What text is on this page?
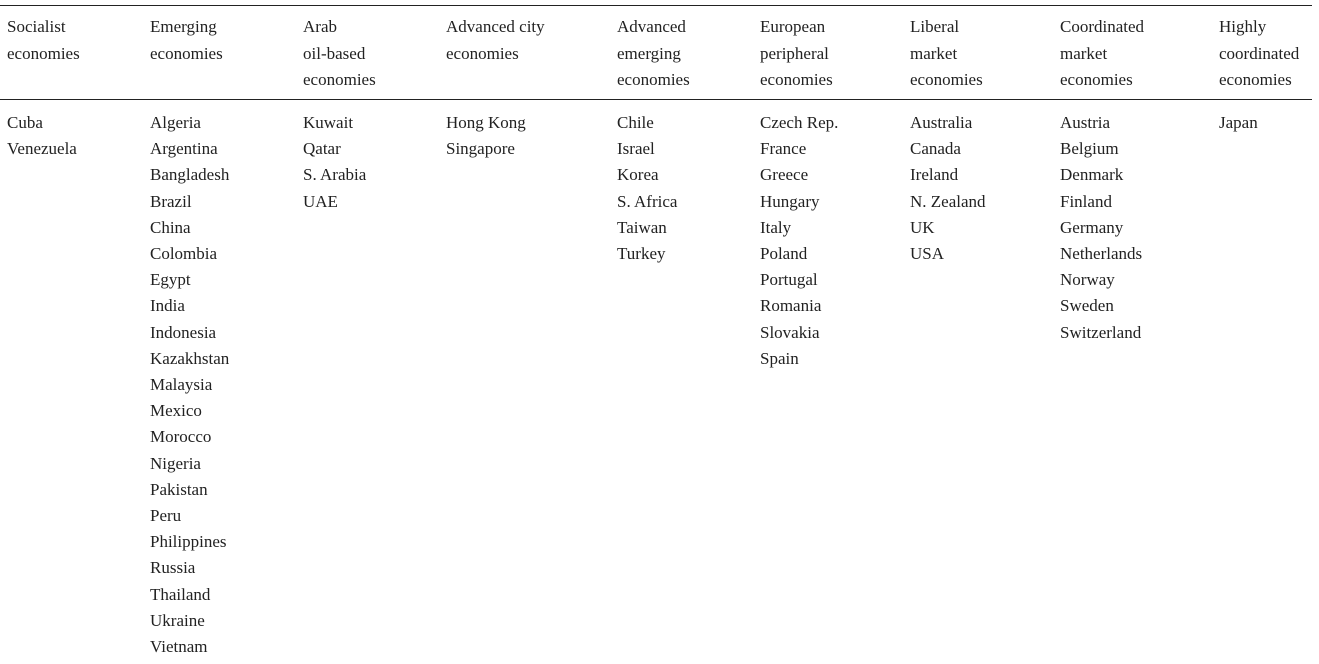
Socialist
economies
Cuba
Venezuela
Emerging
economies
Algeria
Argentina
Bangladesh
Brazil
China
Colombia
Egypt
India
Indonesia
Kazakhstan
Malaysia
Mexico
Morocco
Nigeria
Pakistan
Peru
Philippines
Russia
Thailand
Ukraine
Vietnam
Arab
oil-based
economies
Kuwait
Qatar
S. Arabia
UAE
Advanced city
economies
Hong Kong
Singapore
Advanced
emerging
economies
Chile
Israel
Korea
S. Africa
Taiwan
Turkey
European
peripheral
economies
Czech Rep.
France
Greece
Hungary
Italy
Poland
Portugal
Romania
Slovakia
Spain
Liberal
market
economies
Australia
Canada
Ireland
N. Zealand
UK
USA
Coordinated
market
economies
Austria
Belgium
Denmark
Finland
Germany
Netherlands
Norway
Sweden
Switzerland
Highly
coordinated
economies
Japan
